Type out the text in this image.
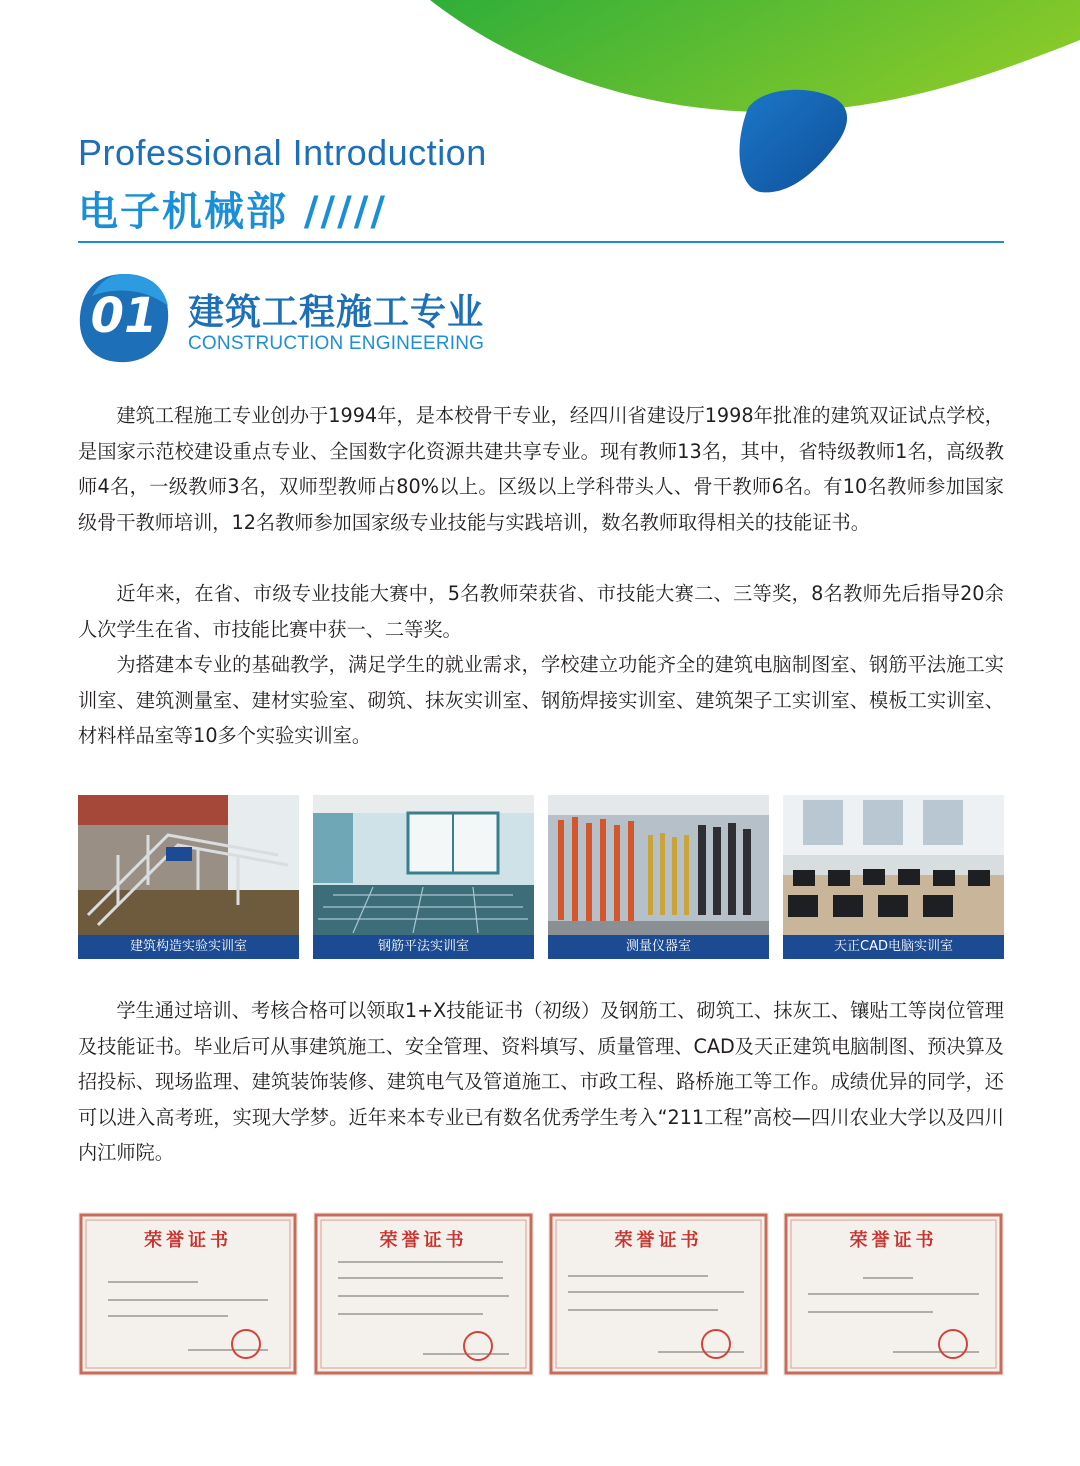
Professional Introduction
电子机械部 /////
01 建筑工程施工专业
CONSTRUCTION ENGINEERING

建筑工程施工专业创办于1994年，是本校骨干专业，经四川省建设厅1998年批准的建筑双证试点学校，是国家示范校建设重点专业、全国数字化资源共建共享专业。现有教师13名，其中，省特级教师1名，高级教师4名，一级教师3名，双师型教师占80%以上。区级以上学科带头人、骨干教师6名。有10名教师参加国家级骨干教师培训，12名教师参加国家级专业技能与实践培训，数名教师取得相关的技能证书。

近年来，在省、市级专业技能大赛中，5名教师荣获省、市技能大赛二、三等奖，8名教师先后指导20余人次学生在省、市技能比赛中获一、二等奖。

为搭建本专业的基础教学，满足学生的就业需求，学校建立功能齐全的建筑电脑制图室、钢筋平法施工实训室、建筑测量室、建材实验室、砌筑、抹灰实训室、钢筋焊接实训室、建筑架子工实训室、模板工实训室、材料样品室等10多个实验实训室。

建筑构造实验实训室	钢筋平法实训室	测量仪器室	天正CAD电脑实训室

学生通过培训、考核合格可以领取1+X技能证书（初级）及钢筋工、砌筑工、抹灰工、镶贴工等岗位管理及技能证书。毕业后可从事建筑施工、安全管理、资料填写、质量管理、CAD及天正建筑电脑制图、预决算及招投标、现场监理、建筑装饰装修、建筑电气及管道施工、市政工程、路桥施工等工作。成绩优异的同学，还可以进入高考班，实现大学梦。近年来本专业已有数名优秀学生考入“211工程”高校—四川农业大学以及四川内江师院。

荣誉证书	荣誉证书	荣誉证书	荣誉证书
